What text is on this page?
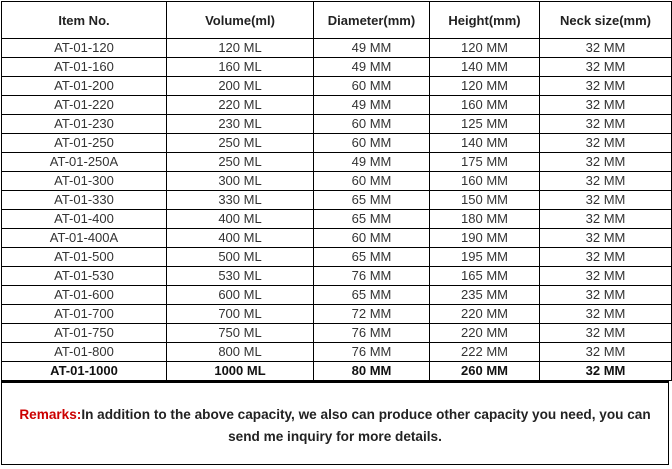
Item No.	Volume(ml)	Diameter(mm)	Height(mm)	Neck size(mm)
AT-01-120	120 ML	49 MM	120 MM	32 MM
AT-01-160	160 ML	49 MM	140 MM	32 MM
AT-01-200	200 ML	60 MM	120 MM	32 MM
AT-01-220	220 ML	49 MM	160 MM	32 MM
AT-01-230	230 ML	60 MM	125 MM	32 MM
AT-01-250	250 ML	60 MM	140 MM	32 MM
AT-01-250A	250 ML	49 MM	175 MM	32 MM
AT-01-300	300 ML	60 MM	160 MM	32 MM
AT-01-330	330 ML	65 MM	150 MM	32 MM
AT-01-400	400 ML	65 MM	180 MM	32 MM
AT-01-400A	400 ML	60 MM	190 MM	32 MM
AT-01-500	500 ML	65 MM	195 MM	32 MM
AT-01-530	530 ML	76 MM	165 MM	32 MM
AT-01-600	600 ML	65 MM	235 MM	32 MM
AT-01-700	700 ML	72 MM	220 MM	32 MM
AT-01-750	750 ML	76 MM	220 MM	32 MM
AT-01-800	800 ML	76 MM	222 MM	32 MM
AT-01-1000	1000 ML	80 MM	260 MM	32 MM
Remarks:In addition to the above capacity, we also can produce other capacity you need, you can send me inquiry for more details.
